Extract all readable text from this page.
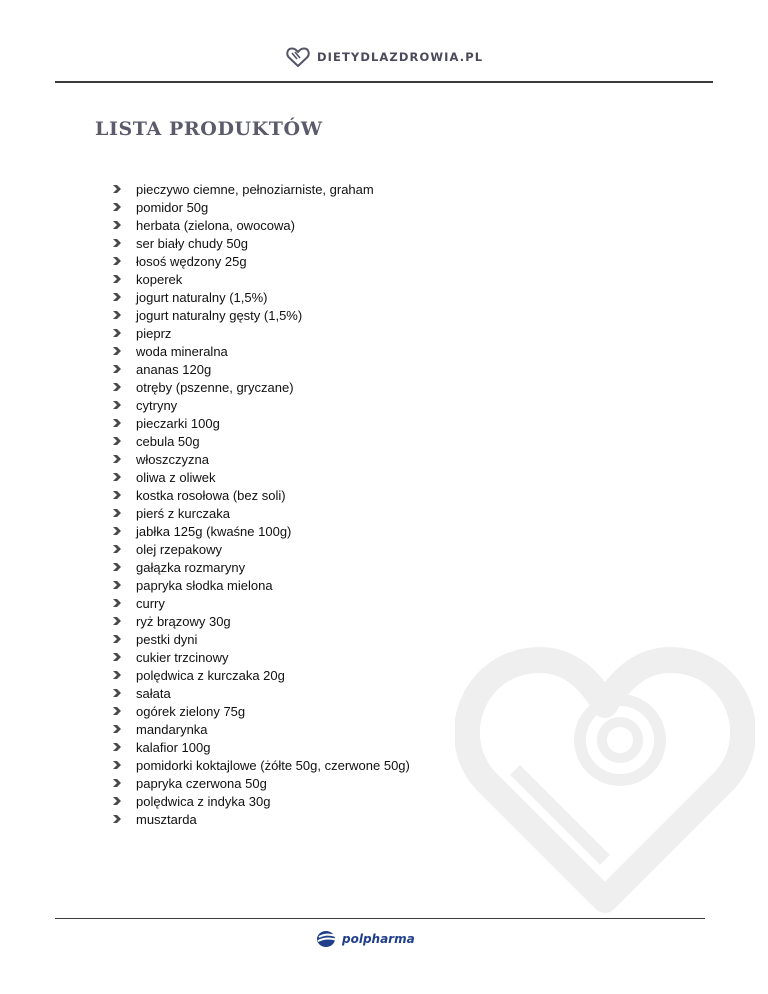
DIETYDLAZDROWIA.PL
LISTA PRODUKTÓW
pieczywo ciemne, pełnoziarniste, graham
pomidor 50g
herbata (zielona, owocowa)
ser biały chudy 50g
łosoś wędzony 25g
koperek
jogurt naturalny (1,5%)
jogurt naturalny gęsty (1,5%)
pieprz
woda mineralna
ananas 120g
otręby (pszenne, gryczane)
cytryny
pieczarki 100g
cebula 50g
włoszczyzna
oliwa z oliwek
kostka rosołowa (bez soli)
pierś z kurczaka
jabłka 125g (kwaśne 100g)
olej rzepakowy
gałązka rozmaryny
papryka słodka mielona
curry
ryż brązowy 30g
pestki dyni
cukier trzcinowy
polędwica z kurczaka 20g
sałata
ogórek zielony 75g
mandarynka
kalafior 100g
pomidorki koktajlowe (żółte 50g, czerwone 50g)
papryka czerwona 50g
polędwica z indyka 30g
musztarda
polpharma
